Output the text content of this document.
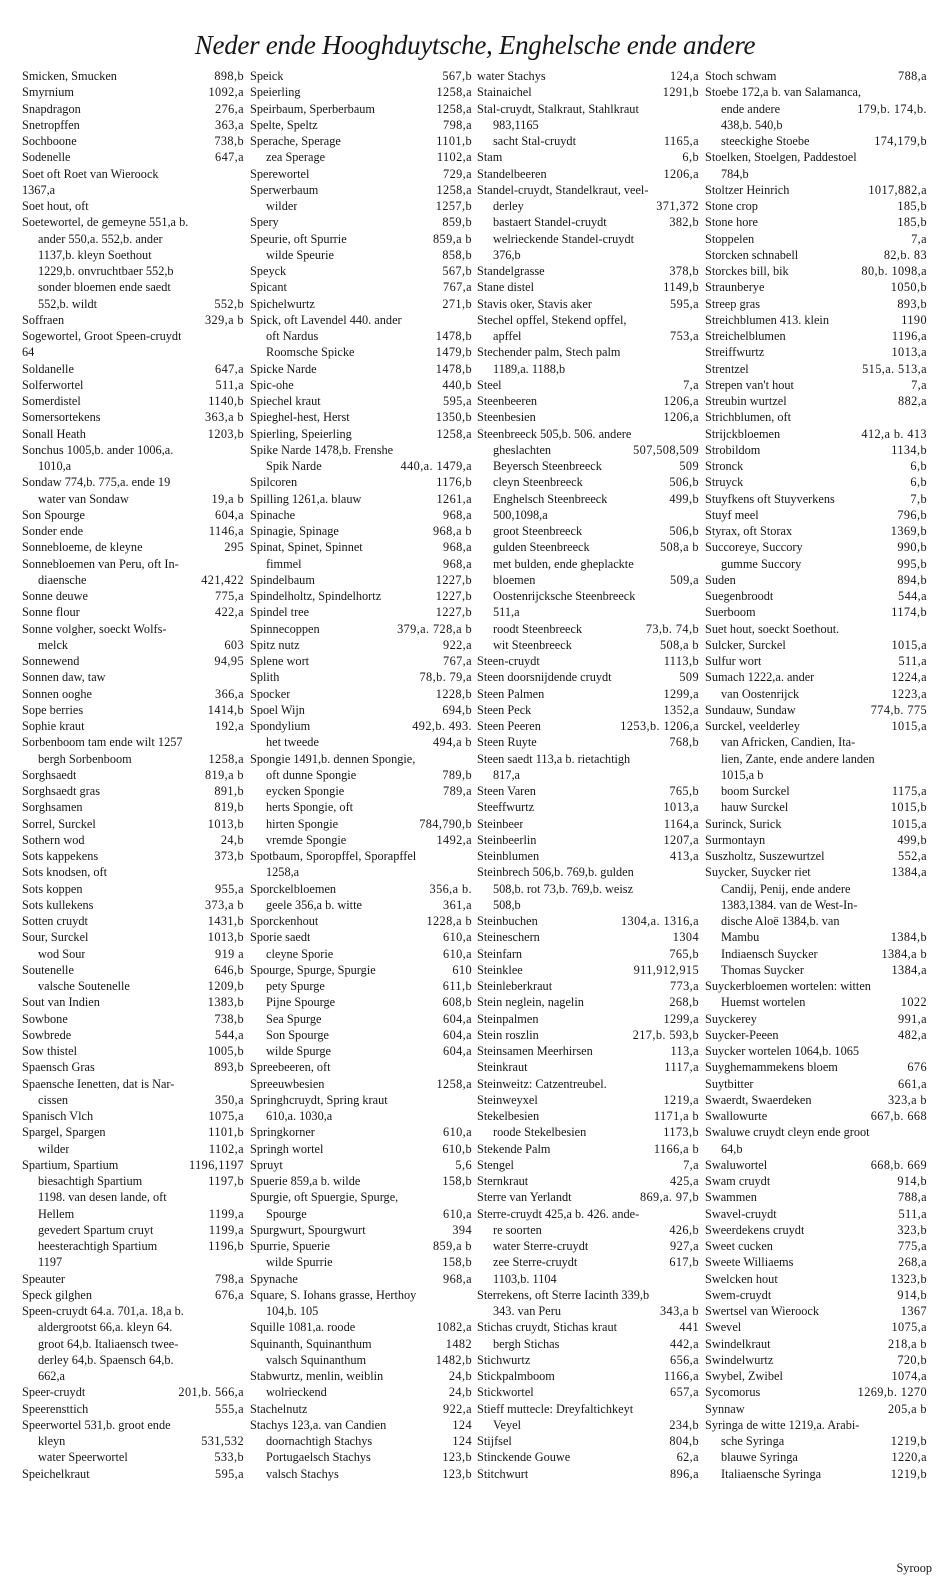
Neder ende Hooghduytsche, Enghelsche ende andere
Smicken, Smucken	898,b
Smyrnium	1092,a
Snapdragon	276,a
Snetropffen	363,a
Sochboone	738,b
Sodenelle	647,a
Soet oft Roet van Wieroock
1367,a
Soet hout, oft
Soetewortel, de gemeyne 551,a b.
ander 550,a. 552,b. ander
1137,b. kleyn Soethout
1229,b. onvruchtbaer 552,b
sonder bloemen ende saedt
552,b. wildt	552,b
Soffraen	329,a b
Sogewortel, Groot Speen-cruydt
64
Soldanelle	647,a
Solferwortel	511,a
Somerdistel	1140,b
Somersortekens	363,a b
Sonall Heath	1203,b
Sonchus 1005,b. ander 1006,a.
1010,a
Sondaw 774,b. 775,a. ende 19
water van Sondaw	19,a b
Son Spourge	604,a
Sonder ende	1146,a
Sonnebloeme, de kleyne	295
Sonnebloemen van Peru, oft In-
diaensche	421,422
Sonne deuwe	775,a
Sonne flour	422,a
Sonne volgher, soeckt Wolfs-
melck	603
Sonnewend	94,95
Sonnen daw, taw
Sonnen ooghe	366,a
Sope berries	1414,b
Sophie kraut	192,a
Sorbenboom tam ende wilt 1257
bergh Sorbenboom	1258,a
Sorghsaedt	819,a b
Sorghsaedt gras	891,b
Sorghsamen	819,b
Sorrel, Surckel	1013,b
Sothern wod	24,b
Sots kappekens	373,b
Sots knodsen, oft
Sots koppen	955,a
Sots kullekens	373,a b
Sotten cruydt	1431,b
Sour, Surckel	1013,b
wod Sour	919 a
Soutenelle	646,b
valsche Soutenelle	1209,b
Sout van Indien	1383,b
Sowbone	738,b
Sowbrede	544,a
Sow thistel	1005,b
Spaensch Gras	893,b
Spaensche Ienetten, dat is Nar-
cissen	350,a
Spanisch Vlch	1075,a
Spargel, Spargen	1101,b
wilder	1102,a
Spartium, Spartium	1196,1197
biesachtigh Spartium	1197,b
1198. van desen lande, oft
Hellem	1199,a
gevedert Spartum cruyt	1199,a
heesterachtigh Spartium	1196,b
1197
Speauter	798,a
Speck gilghen	676,a
Speen-cruydt 64.a. 701,a. 18,a b.
aldergrootst 66,a. kleyn 64.
groot 64,b. Italiaensch twee-
derley 64,b. Spaensch 64,b.
662,a
Speer-cruydt	201,b. 566,a
Speerensttich	555,a
Speerwortel 531,b. groot ende
kleyn	531,532
water Speerwortel	533,b
Speichelkraut	595,a
Speick	567,b
Speierling	1258,a
Speirbaum, Sperberbaum	1258,a
Spelte, Speltz	798,a
Sperache, Sperage	1101,b
zea Sperage	1102,a
Sperewortel	729,a
Sperwerbaum	1258,a
wilder	1257,b
Spery	859,b
Speurie, oft Spurrie	859,a b
wilde Speurie	858,b
Speyck	567,b
Spicant	767,a
Spichelwurtz	271,b
Spick, oft Lavendel 440. ander
oft Nardus	1478,b
Roomsche Spicke	1479,b
Spicke Narde	1478,b
Spic-ohe	440,b
Spiechel kraut	595,a
Spieghel-hest, Herst	1350,b
Spierling, Speierling	1258,a
Spike Narde 1478,b. Frenshe
Spik Narde	440,a. 1479,a
Spilcoren	1176,b
Spilling 1261,a. blauw	1261,a
Spinache	968,a
Spinagie, Spinage	968,a b
Spinat, Spinet, Spinnet	968,a
fimmel	968,a
Spindelbaum	1227,b
Spindelholtz, Spindelhortz	1227,b
Spindel tree	1227,b
Spinnecoppen	379,a. 728,a b
Spitz nutz	922,a
Splene wort	767,a
Splith	78,b. 79,a
Spocker	1228,b
Spoel Wijn	694,b
Spondylium	492,b. 493.
het tweede	494,a b
Spongie 1491,b. dennen Spongie,
oft dunne Spongie	789,b
eycken Spongie	789,a
herts Spongie, oft
hirten Spongie	784,790,b
vremde Spongie	1492,a
Spotbaum, Sporopffel, Sporapffel
1258,a
Sporckelbloemen	356,a b.
geele 356,a b. witte	361,a
Sporckenhout	1228,a b
Sporie saedt	610,a
cleyne Sporie	610,a
Spourge, Spurge, Spurgie	610
pety Spurge	611,b
Pijne Spourge	608,b
Sea Spurge	604,a
Son Spourge	604,a
wilde Spurge	604,a
Spreebeeren, oft
Spreeuwbesien	1258,a
Springhcruydt, Spring kraut
610,a. 1030,a
Springkorner	610,a
Springh wortel	610,b
Spruyt	5,6
Spuerie 859,a b. wilde	158,b
Spurgie, oft Spuergie, Spurge,
Spourge	610,a
Spurgwurt, Spourgwurt	394
Spurrie, Spuerie	859,a b
wilde Spurrie	158,b
Spynache	968,a
Square, S. Iohans grasse, Herthoy
104,b. 105
Squille 1081,a. roode	1082,a
Squinanth, Squinanthum	1482
valsch Squinanthum	1482,b
Stabwurtz, menlin, weiblin	24,b
wolrieckend	24,b
Stachelnutz	922,a
Stachys 123,a. van Candien	124
doornachtigh Stachys	124
Portugaelsch Stachys	123,b
valsch Stachys	123,b
water Stachys	124,a
Stainaichel	1291,b
Stal-cruydt, Stalkraut, Stahlkraut
983,1165
sacht Stal-cruydt	1165,a
Stam	6,b
Standelbeeren	1206,a
Standel-cruydt, Standelkraut, veel-
derley	371,372
bastaert Standel-cruydt	382,b
welrieckende Standel-cruydt
376,b
Standelgrasse	378,b
Stane distel	1149,b
Stavis oker, Stavis aker	595,a
Stechel opffel, Stekend opffel,
apffel	753,a
Stechender palm, Stech palm
1189,a. 1188,b
Steel	7,a
Steenbeeren	1206,a
Steenbesien	1206,a
Steenbreeck 505,b. 506. andere
gheslachten	507,508,509
Beyersch Steenbreeck	509
cleyn Steenbreeck	506,b
Enghelsch Steenbreeck	499,b
500,1098,a
groot Steenbreeck	506,b
gulden Steenbreeck	508,a b
met bulden, ende gheplackte
bloemen	509,a
Oostenrijcksche Steenbreeck
511,a
roodt Steenbreeck	73,b. 74,b
wit Steenbreeck	508,a b
Steen-cruydt	1113,b
Steen doorsnijdende cruydt	509
Steen Palmen	1299,a
Steen Peck	1352,a
Steen Peeren	1253,b. 1206,a
Steen Ruyte	768,b
Steen saedt 113,a b. rietachtigh
817,a
Steen Varen	765,b
Steeffwurtz	1013,a
Steinbeer	1164,a
Steinbeerlin	1207,a
Steinblumen	413,a
Steinbrech 506,b. 769,b. gulden
508,b. rot 73,b. 769,b. weisz
508,b
Steinbuchen	1304,a. 1316,a
Steineschern	1304
Steinfarn	765,b
Steinklee	911,912,915
Steinleberkraut	773,a
Stein neglein, nagelin	268,b
Steinpalmen	1299,a
Stein roszlin	217,b. 593,b
Steinsamen Meerhirsen	113,a
Steinkraut	1117,a
Steinweitz: Catzentreubel.
Steinweyxel	1219,a
Stekelbesien	1171,a b
roode Stekelbesien	1173,b
Stekende Palm	1166,a b
Stengel	7,a
Sternkraut	425,a
Sterre van Yerlandt	869,a. 97,b
Sterre-cruydt 425,a b. 426. ande-
re soorten	426,b
water Sterre-cruydt	927,a
zee Sterre-cruydt	617,b
1103,b. 1104
Sterrekens, oft Sterre Iacinth 339,b
343. van Peru	343,a b
Stichas cruydt, Stichas kraut	441
bergh Stichas	442,a
Stichwurtz	656,a
Stickpalmboom	1166,a
Stickwortel	657,a
Stieff muttecle: Dreyfaltichkeyt
Veyel	234,b
Stijfsel	804,b
Stinckende Gouwe	62,a
Stitchwurt	896,a
Stoch schwam	788,a
Stoebe 172,a b. van Salamanca,
ende andere	179,b. 174,b.
438,b. 540,b
steeckighe Stoebe	174,179,b
Stoelken, Stoelgen, Paddestoel
784,b
Stoltzer Heinrich	1017,882,a
Stone crop	185,b
Stone hore	185,b
Stoppelen	7,a
Storcken schnabell	82,b. 83
Storckes bill, bik	80,b. 1098,a
Straunberye	1050,b
Streep gras	893,b
Streichblumen 413. klein	1190
Streichelblumen	1196,a
Streiffwurtz	1013,a
Strentzel	515,a. 513,a
Strepen van't hout	7,a
Streubin wurtzel	882,a
Strichblumen, oft
Strijckbloemen	412,a b. 413
Strobildom	1134,b
Stronck	6,b
Struyck	6,b
Stuyfkens oft Stuyverkens	7,b
Stuyf meel	796,b
Styrax, oft Storax	1369,b
Succoreye, Succory	990,b
gumme Succory	995,b
Suden	894,b
Suegenbroodt	544,a
Suerboom	1174,b
Suet hout, soeckt Soethout.
Sulcker, Surckel	1015,a
Sulfur wort	511,a
Sumach 1222,a. ander	1224,a
van Oostenrijck	1223,a
Sundauw, Sundaw	774,b. 775
Surckel, veelderley	1015,a
van Africken, Candien, Ita-
lien, Zante, ende andere landen
1015,a b
boom Surckel	1175,a
hauw Surckel	1015,b
Surinck, Surick	1015,a
Surmontayn	499,b
Suszholtz, Suszewurtzel	552,a
Suycker, Suycker riet	1384,a
Candij, Penij, ende andere
1383,1384. van de West-In-
dische Aloë 1384,b. van
Mambu	1384,b
Indiaensch Suycker	1384,a b
Thomas Suycker	1384,a
Suyckerbloemen wortelen: witten
Huemst wortelen	1022
Suyckerey	991,a
Suycker-Peeen	482,a
Suycker wortelen 1064,b. 1065
Suyghemammekens bloem	676
Suytbitter	661,a
Swaerdt, Swaerdeken	323,a b
Swallowurte	667,b. 668
Swaluwe cruydt cleyn ende groot
64,b
Swaluwortel	668,b. 669
Swam cruydt	914,b
Swammen	788,a
Swavel-cruydt	511,a
Sweerdekens cruydt	323,b
Sweet cucken	775,a
Sweete Williaems	268,a
Swelcken hout	1323,b
Swem-cruydt	914,b
Swertsel van Wieroock	1367
Swevel	1075,a
Swindelkraut	218,a b
Swindelwurtz	720,b
Swybel, Zwibel	1074,a
Sycomorus	1269,b. 1270
Synnaw	205,a b
Syringa de witte 1219,a. Arabi-
sche Syringa	1219,b
blauwe Syringa	1220,a
Italiaensche Syringa	1219,b
Syroop
